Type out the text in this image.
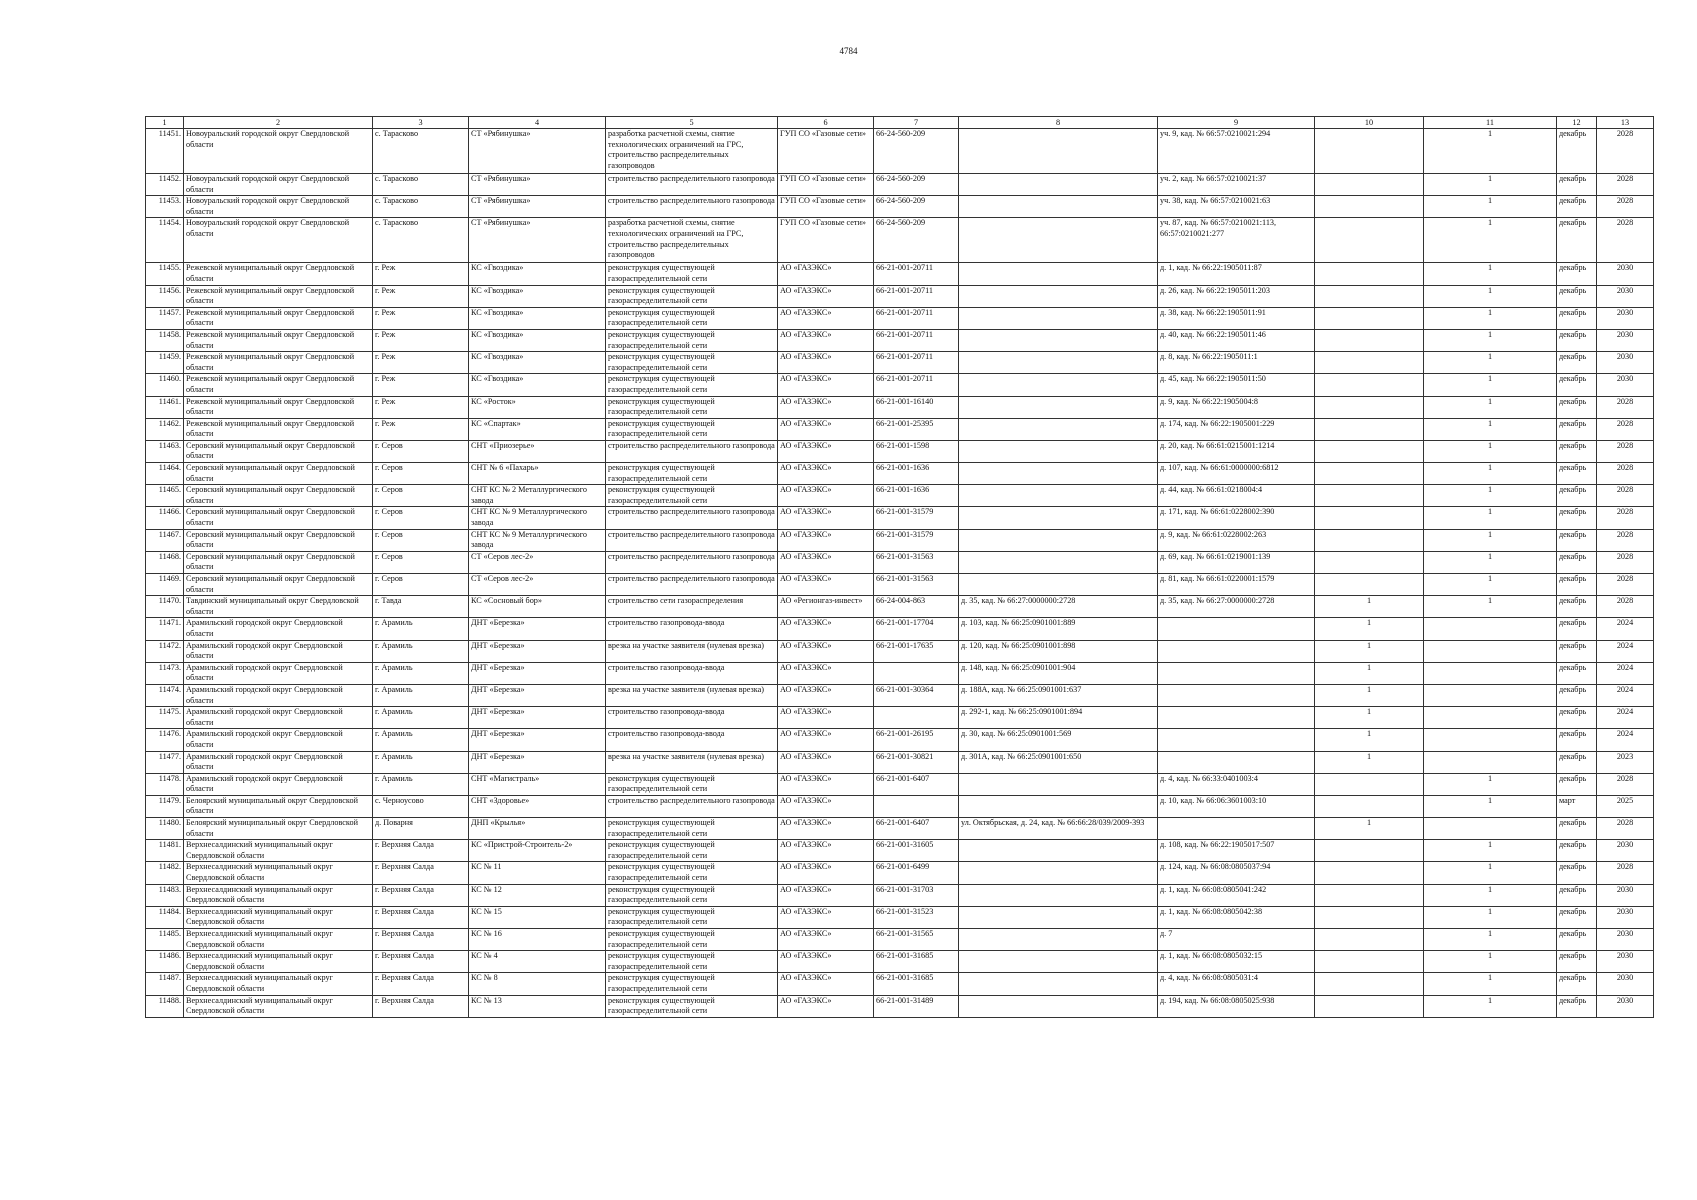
4784
1	2	3	4	5	6	7	8	9	10	11	12	13
11451.	Новоуральский городской округ Свердловской области	с. Тарасково	СТ «Рябинушка»	разработка расчетной схемы, снятие технологических ограничений на ГРС, строительство распределительных газопроводов	ГУП СО «Газовые сети»	66-24-560-209		уч. 9, кад. № 66:57:0210021:294		1	декабрь	2028
11452.	Новоуральский городской округ Свердловской области	с. Тарасково	СТ «Рябинушка»	строительство распределительного газопровода	ГУП СО «Газовые сети»	66-24-560-209		уч. 2, кад. № 66:57:0210021:37		1	декабрь	2028
11453.	Новоуральский городской округ Свердловской области	с. Тарасково	СТ «Рябинушка»	строительство распределительного газопровода	ГУП СО «Газовые сети»	66-24-560-209		уч. 38, кад. № 66:57:0210021:63		1	декабрь	2028
11454.	Новоуральский городской округ Свердловской области	с. Тарасково	СТ «Рябинушка»	разработка расчетной схемы, снятие технологических ограничений на ГРС, строительство распределительных газопроводов	ГУП СО «Газовые сети»	66-24-560-209		уч. 87, кад. № 66:57:0210021:113, 66:57:0210021:277		1	декабрь	2028
11455.	Режевской муниципальный округ Свердловской области	г. Реж	КС «Гвоздика»	реконструкция существующей газораспределительной сети	АО «ГАЗЭКС»	66-21-001-20711		д. 1, кад. № 66:22:1905011:87		1	декабрь	2030
11456.	Режевской муниципальный округ Свердловской области	г. Реж	КС «Гвоздика»	реконструкция существующей газораспределительной сети	АО «ГАЗЭКС»	66-21-001-20711		д. 26, кад. № 66:22:1905011:203		1	декабрь	2030
11457.	Режевской муниципальный округ Свердловской области	г. Реж	КС «Гвоздика»	реконструкция существующей газораспределительной сети	АО «ГАЗЭКС»	66-21-001-20711		д. 38, кад. № 66:22:1905011:91		1	декабрь	2030
11458.	Режевской муниципальный округ Свердловской области	г. Реж	КС «Гвоздика»	реконструкция существующей газораспределительной сети	АО «ГАЗЭКС»	66-21-001-20711		д. 40, кад. № 66:22:1905011:46		1	декабрь	2030
11459.	Режевской муниципальный округ Свердловской области	г. Реж	КС «Гвоздика»	реконструкция существующей газораспределительной сети	АО «ГАЗЭКС»	66-21-001-20711		д. 8, кад. № 66:22:1905011:1		1	декабрь	2030
11460.	Режевской муниципальный округ Свердловской области	г. Реж	КС «Гвоздика»	реконструкция существующей газораспределительной сети	АО «ГАЗЭКС»	66-21-001-20711		д. 45, кад. № 66:22:1905011:50		1	декабрь	2030
11461.	Режевской муниципальный округ Свердловской области	г. Реж	КС «Росток»	реконструкция существующей газораспределительной сети	АО «ГАЗЭКС»	66-21-001-16140		д. 9, кад. № 66:22:1905004:8		1	декабрь	2028
11462.	Режевской муниципальный округ Свердловской области	г. Реж	КС «Спартак»	реконструкция существующей газораспределительной сети	АО «ГАЗЭКС»	66-21-001-25395		д. 174, кад. № 66:22:1905001:229		1	декабрь	2028
11463.	Серовский муниципальный округ Свердловской области	г. Серов	СНТ «Приозерье»	строительство распределительного газопровода	АО «ГАЗЭКС»	66-21-001-1598		д. 20, кад. № 66:61:0215001:1214		1	декабрь	2028
11464.	Серовский муниципальный округ Свердловской области	г. Серов	СНТ № 6 «Пахарь»	реконструкция существующей газораспределительной сети	АО «ГАЗЭКС»	66-21-001-1636		д. 107, кад. № 66:61:0000000:6812		1	декабрь	2028
11465.	Серовский муниципальный округ Свердловской области	г. Серов	СНТ КС № 2 Металлургического завода	реконструкция существующей газораспределительной сети	АО «ГАЗЭКС»	66-21-001-1636		д. 44, кад. № 66:61:0218004:4		1	декабрь	2028
11466.	Серовский муниципальный округ Свердловской области	г. Серов	СНТ КС № 9 Металлургического завода	строительство распределительного газопровода	АО «ГАЗЭКС»	66-21-001-31579		д. 171, кад. № 66:61:0228002:390		1	декабрь	2028
11467.	Серовский муниципальный округ Свердловской области	г. Серов	СНТ КС № 9 Металлургического завода	строительство распределительного газопровода	АО «ГАЗЭКС»	66-21-001-31579		д. 9, кад. № 66:61:0228002:263		1	декабрь	2028
11468.	Серовский муниципальный округ Свердловской области	г. Серов	СТ «Серов лес-2»	строительство распределительного газопровода	АО «ГАЗЭКС»	66-21-001-31563		д. 69, кад. № 66:61:0219001:139		1	декабрь	2028
11469.	Серовский муниципальный округ Свердловской области	г. Серов	СТ «Серов лес-2»	строительство распределительного газопровода	АО «ГАЗЭКС»	66-21-001-31563		д. 81, кад. № 66:61:0220001:1579		1	декабрь	2028
11470.	Тавдинский муниципальный округ Свердловской области	г. Тавда	КС «Сосновый бор»	строительство сети газораспределения	АО «Регионгаз-инвест»	66-24-004-863	д. 35, кад. № 66:27:0000000:2728	д. 35, кад. № 66:27:0000000:2728	1	1	декабрь	2028
11471.	Арамильский городской округ Свердловской области	г. Арамиль	ДНТ «Березка»	строительство газопровода-ввода	АО «ГАЗЭКС»	66-21-001-17704	д. 103, кад. № 66:25:0901001:889		1		декабрь	2024
11472.	Арамильский городской округ Свердловской области	г. Арамиль	ДНТ «Березка»	врезка на участке заявителя (нулевая врезка)	АО «ГАЗЭКС»	66-21-001-17635	д. 120, кад. № 66:25:0901001:898		1		декабрь	2024
11473.	Арамильский городской округ Свердловской области	г. Арамиль	ДНТ «Березка»	строительство газопровода-ввода	АО «ГАЗЭКС»		д. 148, кад. № 66:25:0901001:904		1		декабрь	2024
11474.	Арамильский городской округ Свердловской области	г. Арамиль	ДНТ «Березка»	врезка на участке заявителя (нулевая врезка)	АО «ГАЗЭКС»	66-21-001-30364	д. 188А, кад. № 66:25:0901001:637		1		декабрь	2024
11475.	Арамильский городской округ Свердловской области	г. Арамиль	ДНТ «Березка»	строительство газопровода-ввода	АО «ГАЗЭКС»		д. 292-1, кад. № 66:25:0901001:894		1		декабрь	2024
11476.	Арамильский городской округ Свердловской области	г. Арамиль	ДНТ «Березка»	строительство газопровода-ввода	АО «ГАЗЭКС»	66-21-001-26195	д. 30, кад. № 66:25:0901001:569		1		декабрь	2024
11477.	Арамильский городской округ Свердловской области	г. Арамиль	ДНТ «Березка»	врезка на участке заявителя (нулевая врезка)	АО «ГАЗЭКС»	66-21-001-30821	д. 301А, кад. № 66:25:0901001:650		1		декабрь	2023
11478.	Арамильский городской округ Свердловской области	г. Арамиль	СНТ «Магистраль»	реконструкция существующей газораспределительной сети	АО «ГАЗЭКС»	66-21-001-6407		д. 4, кад. № 66:33:0401003:4		1	декабрь	2028
11479.	Белоярский муниципальный округ Свердловской области	с. Черноусово	СНТ «Здоровье»	строительство распределительного газопровода	АО «ГАЗЭКС»			д. 10, кад. № 66:06:3601003:10		1	март	2025
11480.	Белоярский муниципальный округ Свердловской области	д. Поварня	ДНП «Крылья»	реконструкция существующей газораспределительной сети	АО «ГАЗЭКС»	66-21-001-6407	ул. Октябрьская, д. 24, кад. № 66:66:28/039/2009-393		1		декабрь	2028
11481.	Верхнесалдинский муниципальный округ Свердловской области	г. Верхняя Салда	КС «Пристрой-Строитель-2»	реконструкция существующей газораспределительной сети	АО «ГАЗЭКС»	66-21-001-31605		д. 108, кад. № 66:22:1905017:507		1	декабрь	2030
11482.	Верхнесалдинский муниципальный округ Свердловской области	г. Верхняя Салда	КС № 11	реконструкция существующей газораспределительной сети	АО «ГАЗЭКС»	66-21-001-6499		д. 124, кад. № 66:08:0805037:94		1	декабрь	2028
11483.	Верхнесалдинский муниципальный округ Свердловской области	г. Верхняя Салда	КС № 12	реконструкция существующей газораспределительной сети	АО «ГАЗЭКС»	66-21-001-31703		д. 1, кад. № 66:08:0805041:242		1	декабрь	2030
11484.	Верхнесалдинский муниципальный округ Свердловской области	г. Верхняя Салда	КС № 15	реконструкция существующей газораспределительной сети	АО «ГАЗЭКС»	66-21-001-31523		д. 1, кад. № 66:08:0805042:38		1	декабрь	2030
11485.	Верхнесалдинский муниципальный округ Свердловской области	г. Верхняя Салда	КС № 16	реконструкция существующей газораспределительной сети	АО «ГАЗЭКС»	66-21-001-31565		д. 7		1	декабрь	2030
11486.	Верхнесалдинский муниципальный округ Свердловской области	г. Верхняя Салда	КС № 4	реконструкция существующей газораспределительной сети	АО «ГАЗЭКС»	66-21-001-31685		д. 1, кад. № 66:08:0805032:15		1	декабрь	2030
11487.	Верхнесалдинский муниципальный округ Свердловской области	г. Верхняя Салда	КС № 8	реконструкция существующей газораспределительной сети	АО «ГАЗЭКС»	66-21-001-31685		д. 4, кад. № 66:08:0805031:4		1	декабрь	2030
11488.	Верхнесалдинский муниципальный округ Свердловской области	г. Верхняя Салда	КС № 13	реконструкция существующей газораспределительной сети	АО «ГАЗЭКС»	66-21-001-31489		д. 194, кад. № 66:08:0805025:938		1	декабрь	2030
